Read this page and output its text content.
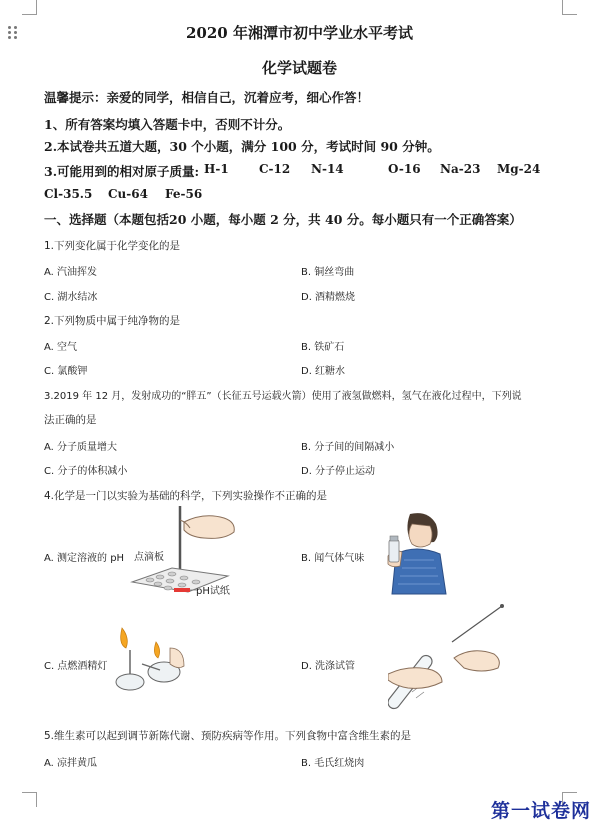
2020 年湘潭市初中学业水平考试
化学试题卷
温馨提示：亲爱的同学，相信自己，沉着应考，细心作答！
1、所有答案均填入答题卡中，否则不计分。
2.本试卷共五道大题，30 个小题，满分 100 分，考试时间 90 分钟。
3.可能用到的相对原子质量: H-1	C-12 N-14	O-16 Na-23 Mg-24
Cl-35.5 Cu-64 Fe-56
一、选择题（本题包括20 小题，每小题 2 分，共 40 分。每小题只有一个正确答案）
1.下列变化属于化学变化的是
A. 汽油挥发	B. 铜丝弯曲
C. 湖水结冰	D. 酒精燃烧
2.下列物质中属于纯净物的是
A. 空气	B. 铁矿石
C. 氯酸钾	D. 红糖水
3.2019 年 12 月，发射成功的“胖五”（长征五号运载火箭）使用了液氢做燃料，氢气在液化过程中，下列说
法正确的是
A. 分子质量增大	B. 分子间的间隔减小
C. 分子的体积减小	D. 分子停止运动
4.化学是一门以实验为基础的科学，下列实验操作不正确的是
A. 测定溶液的 pH	B. 闻气体气味
C. 点燃酒精灯	D. 洗涤试管
点滴板
pH试纸
5.维生素可以起到调节新陈代谢、预防疾病等作用。下列食物中富含维生素的是
A. 凉拌黄瓜	B. 毛氏红烧肉
第一试卷网
